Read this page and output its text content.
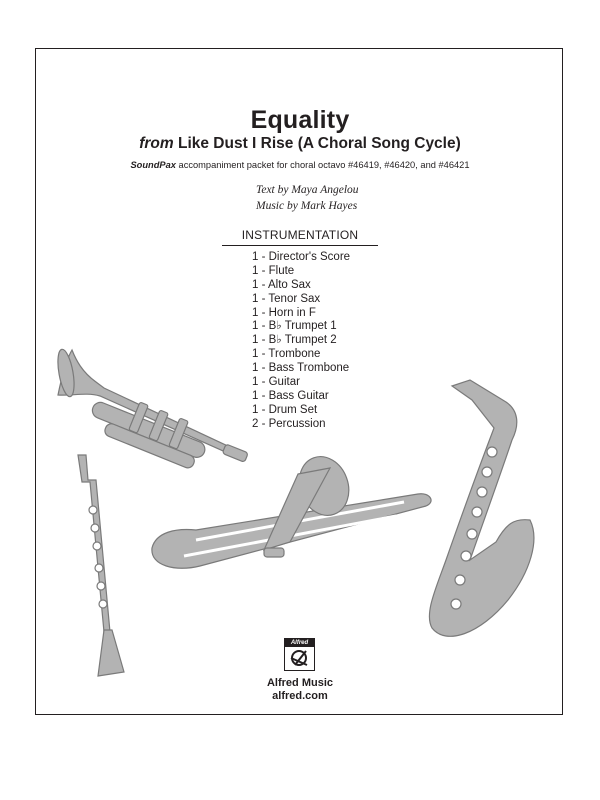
Equality
from Like Dust I Rise (A Choral Song Cycle)
SoundPax accompaniment packet for choral octavo #46419, #46420, and #46421
Text by Maya Angelou
Music by Mark Hayes
INSTRUMENTATION
1 - Director's Score
1 - Flute
1 - Alto Sax
1 - Tenor Sax
1 - Horn in F
1 - B♭ Trumpet 1
1 - B♭ Trumpet 2
1 - Trombone
1 - Bass Trombone
1 - Guitar
1 - Bass Guitar
1 - Drum Set
2 - Percussion
Alfred
Alfred Music
alfred.com
